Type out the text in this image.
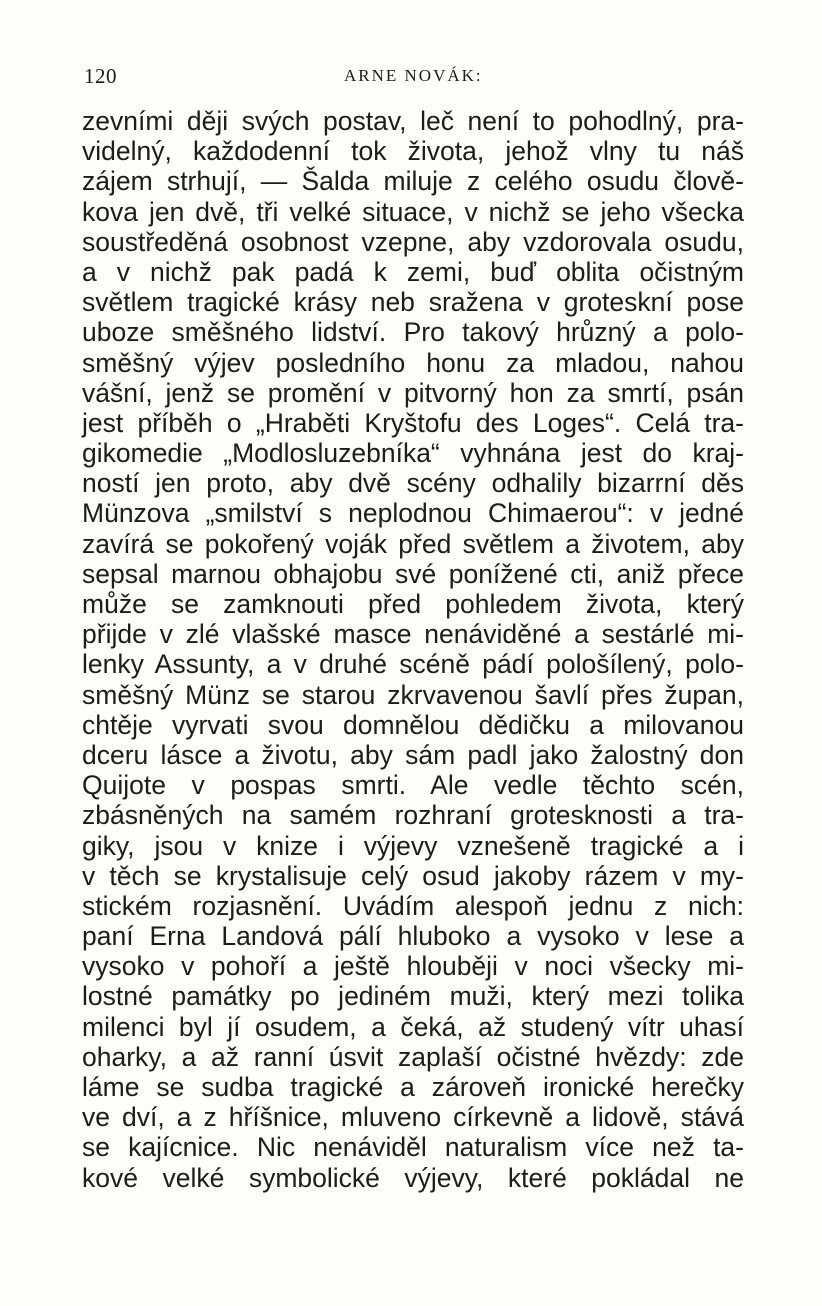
120	ARNE NOVÁK:
zevními ději svých postav, leč není to pohodlný, pra-
videlný, každodenní tok života, jehož vlny tu náš
zájem strhují, — Šalda miluje z celého osudu člově-
kova jen dvě, tři velké situace, v nichž se jeho všecka
soustředěná osobnost vzepne, aby vzdorovala osudu,
a v nichž pak padá k zemi, buď oblita očistným
světlem tragické krásy neb sražena v groteskní pose
uboze směšného lidství. Pro takový hrůzný a polo-
směšný výjev posledního honu za mladou, nahou
vášní, jenž se promění v pitvorný hon za smrtí, psán
jest příběh o „Hraběti Kryštofu des Loges“. Celá tra-
gikomedie „Modlosluzebníka“ vyhnána jest do kraj-
ností jen proto, aby dvě scény odhalily bizarrní děs
Münzova „smilství s neplodnou Chimaerou“: v jedné
zavírá se pokořený voják před světlem a životem, aby
sepsal marnou obhajobu své ponížené cti, aniž přece
může se zamknouti před pohledem života, který
přijde v zlé vlašské masce nenáviděné a sestárlé mi-
lenky Assunty, a v druhé scéně pádí pološílený, polo-
směšný Münz se starou zkrvavenou šavlí přes župan,
chtěje vyrvati svou domnělou dědičku a milovanou
dceru lásce a životu, aby sám padl jako žalostný don
Quijote v pospas smrti. Ale vedle těchto scén,
zbásněných na samém rozhraní grotesknosti a tra-
giky, jsou v knize i výjevy vznešeně tragické a i
v těch se krystalisuje celý osud jakoby rázem v my-
stickém rozjasnění. Uvádím alespoň jednu z nich:
paní Erna Landová pálí hluboko a vysoko v lese a
vysoko v pohoří a ještě hlouběji v noci všecky mi-
lostné památky po jediném muži, který mezi tolika
milenci byl jí osudem, a čeká, až studený vítr uhasí
oharky, a až ranní úsvit zaplaší očistné hvězdy: zde
láme se sudba tragické a zároveň ironické herečky
ve dví, a z hříšnice, mluveno církevně a lidově, stává
se kajícnice. Nic nenáviděl naturalism více než ta-
kové velké symbolické výjevy, které pokládal ne
